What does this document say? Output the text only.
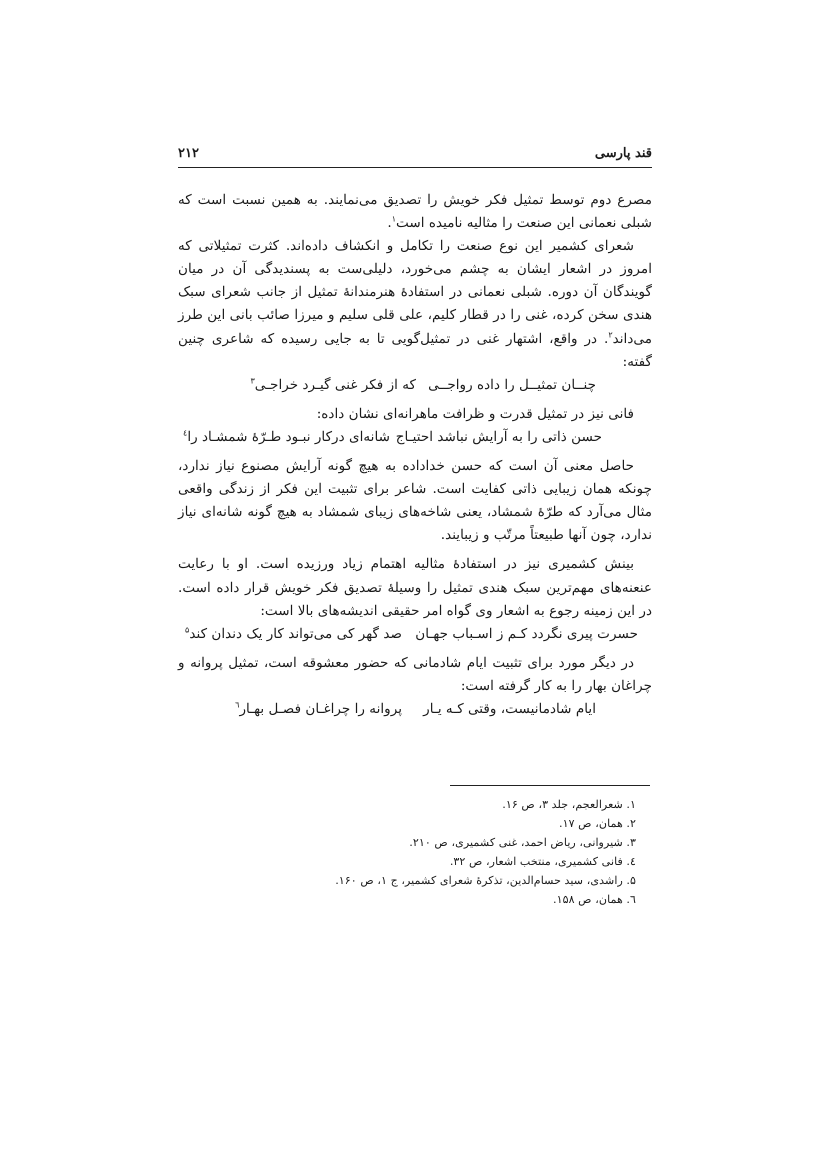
قند پارسی
۲۱۲

مصرع دوم توسط تمثیل فکر خویش را تصدیق می‌نمایند. به همین نسبت است که شبلی نعمانی این صنعت را مثالیه نامیده است$^۱$.

شعرای کشمیر این نوع صنعت را تکامل و انکشاف داده‌اند. کثرت تمثیلاتی که امروز در اشعار ایشان به چشم می‌خورد، دلیلی‌ست به پسندیدگی آن در میان گویندگان آن دوره. شبلی نعمانی در استفادهٔ هنرمندانهٔ تمثیل از جانب شعرای سبک هندی سخن کرده، غنی را در قطار کلیم، علی قلی سلیم و میرزا صائب بانی این طرز می‌داند$^۲$. در واقع، اشتهار غنی در تمثیل‌گویی تا به جایی رسیده که شاعری چنین گفته:

چنــان تمثیــل را داده رواجــی
که از فکر غنی گیـرد خراجـی$^۳$

فانی نیز در تمثیل قدرت و ظرافت ماهرانه‌ای نشان داده:

حسن ذاتی را به آرایش نباشد احتیـاج
شانه‌ای درکار نبـود طـرّهٔ شمشـاد را$^٤$

حاصل معنی آن است که حسن خداداده به هیچ گونه آرایش مصنوع نیاز ندارد، چونکه همان زیبایی ذاتی کفایت است. شاعر برای تثبیت این فکر از زندگی واقعی مثال می‌آرد که طرّهٔ شمشاد، یعنی شاخه‌های زیبای شمشاد به هیچ گونه شانه‌ای نیاز ندارد، چون آنها طبیعتاً مرتّب و زیبایند.

بینش کشمیری نیز در استفادهٔ مثالیه اهتمام زیاد ورزیده است. او با رعایت عنعنه‌های مهم‌ترین سبک هندی تمثیل را وسیلهٔ تصدیق فکر خویش قرار داده است. در این زمینه رجوع به اشعار وی گواه امر حقیقی اندیشه‌های بالا است:

حسرت پیری نگردد کـم ز اسـباب جهـان
صد گهر کی می‌تواند کار یک دندان کند$^۵$

در دیگر مورد برای تثبیت ایام شادمانی که حضور معشوقه است، تمثیل پروانه و چراغان بهار را به کار گرفته است:

ایام شادمانیست، وقتی کـه یـار
پروانه را چراغـان فصـل بهـار$^٦$
۱. شعرالعجم، جلد ۳، ص ۱۶.
۲. همان، ص ۱۷.
۳. شیروانی، ریاض احمد، غنی کشمیری، ص ۲۱۰.
٤. فانی کشمیری، منتخب اشعار، ص ۳۲.
۵. راشدی، سید حسام‌الدین، تذکرهٔ شعرای کشمیر، ج ۱، ص ۱۶۰.
٦. همان، ص ۱۵۸.
